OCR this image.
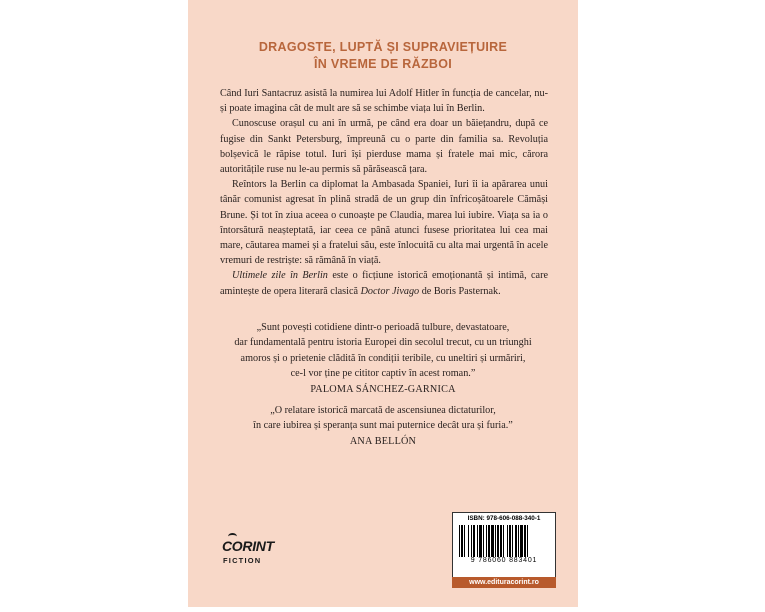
DRAGOSTE, LUPTĂ ȘI SUPRAVIEȚUIRE
ÎN VREME DE RĂZBOI

Când Iuri Santacruz asistă la numirea lui Adolf Hitler în funcția de cancelar, nu-și poate imagina cât de mult are să se schimbe viața lui în Berlin.

Cunoscuse orașul cu ani în urmă, pe când era doar un băiețandru, după ce fugise din Sankt Petersburg, împreună cu o parte din familia sa. Revoluția bolșevică le răpise totul. Iuri își pierduse mama și fratele mai mic, cărora autoritățile ruse nu le-au permis să părăsească țara.

Reîntors la Berlin ca diplomat la Ambasada Spaniei, Iuri îi ia apărarea unui tânăr comunist agresat în plină stradă de un grup din înfricoșătoarele Cămăși Brune. Și tot în ziua aceea o cunoaște pe Claudia, marea lui iubire. Viața sa ia o întorsătură neașteptată, iar ceea ce până atunci fusese prioritatea lui cea mai mare, căutarea mamei și a fratelui său, este înlocuită cu alta mai urgentă în acele vremuri de restriște: să rămână în viață.

Ultimele zile în Berlin este o ficțiune istorică emoționantă și intimă, care amintește de opera literară clasică Doctor Jivago de Boris Pasternak.

„Sunt povești cotidiene dintr-o perioadă tulbure, devastatoare,
dar fundamentală pentru istoria Europei din secolul trecut, cu un triunghi
amoros și o prietenie clădită în condiții teribile, cu uneltiri și urmăriri,
ce-l vor ține pe cititor captiv în acest roman.”
PALOMA SÁNCHEZ-GARNICA
„O relatare istorică marcată de ascensiunea dictaturilor,
în care iubirea și speranța sunt mai puternice decât ura și furia.”
ANA BELLÓN
CORINT
FICTION
ISBN: 978-606-088-340-1
9 786060 883401
www.edituracorint.ro
